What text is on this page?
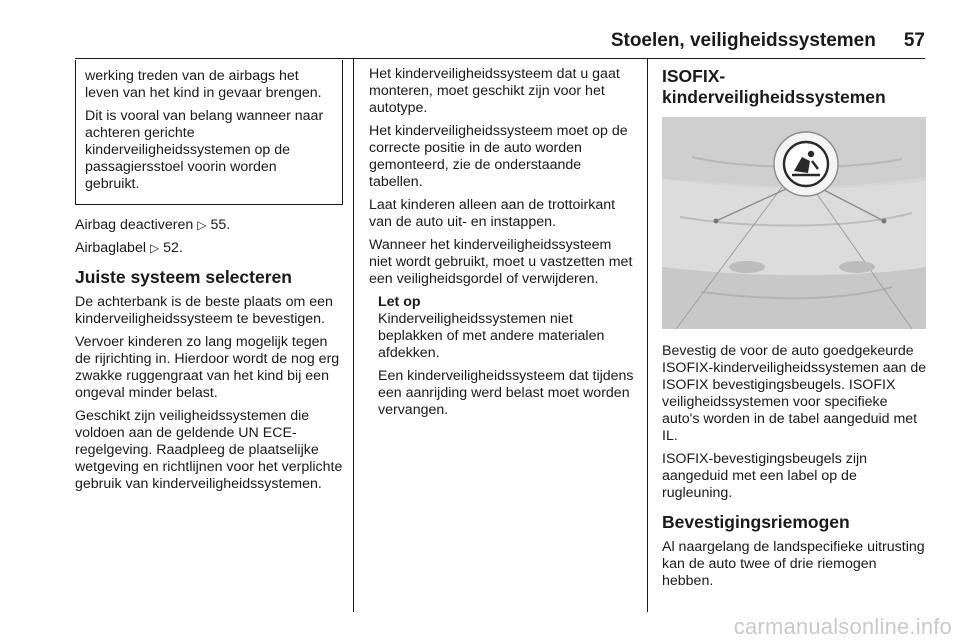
Stoelen, veiligheidssystemen 57

werking treden van de airbags het leven van het kind in gevaar brengen.

Dit is vooral van belang wanneer naar achteren gerichte kinderveiligheidssystemen op de passagiersstoel voorin worden gebruikt.

Airbag deactiveren ▷ 55.

Airbaglabel ▷ 52.

Juiste systeem selecteren

De achterbank is de beste plaats om een kinderveiligheidssysteem te bevestigen.

Vervoer kinderen zo lang mogelijk tegen de rijrichting in. Hierdoor wordt de nog erg zwakke ruggengraat van het kind bij een ongeval minder belast.

Geschikt zijn veiligheidssystemen die voldoen aan de geldende UN ECE-regelgeving. Raadpleeg de plaatselijke wetgeving en richtlijnen voor het verplichte gebruik van kinderveiligheidssystemen.

Het kinderveiligheidssysteem dat u gaat monteren, moet geschikt zijn voor het autotype.

Het kinderveiligheidssysteem moet op de correcte positie in de auto worden gemonteerd, zie de onderstaande tabellen.

Laat kinderen alleen aan de trottoirkant van de auto uit- en instappen.

Wanneer het kinderveiligheidssysteem niet wordt gebruikt, moet u vastzetten met een veiligheidsgordel of verwijderen.

Let op

Kinderveiligheidssystemen niet beplakken of met andere materialen afdekken.

Een kinderveiligheidssysteem dat tijdens een aanrijding werd belast moet worden vervangen.

ISOFIX-
kinderveiligheidssystemen

Bevestig de voor de auto goedgekeurde ISOFIX-kinderveiligheidssystemen aan de ISOFIX bevestigingsbeugels. ISOFIX veiligheidssystemen voor specifieke auto's worden in de tabel aangeduid met IL.

ISOFIX-bevestigingsbeugels zijn aangeduid met een label op de rugleuning.

Bevestigingsriemogen

Al naargelang de landspecifieke uitrusting kan de auto twee of drie riemogen hebben.

carmanualsonline.info
